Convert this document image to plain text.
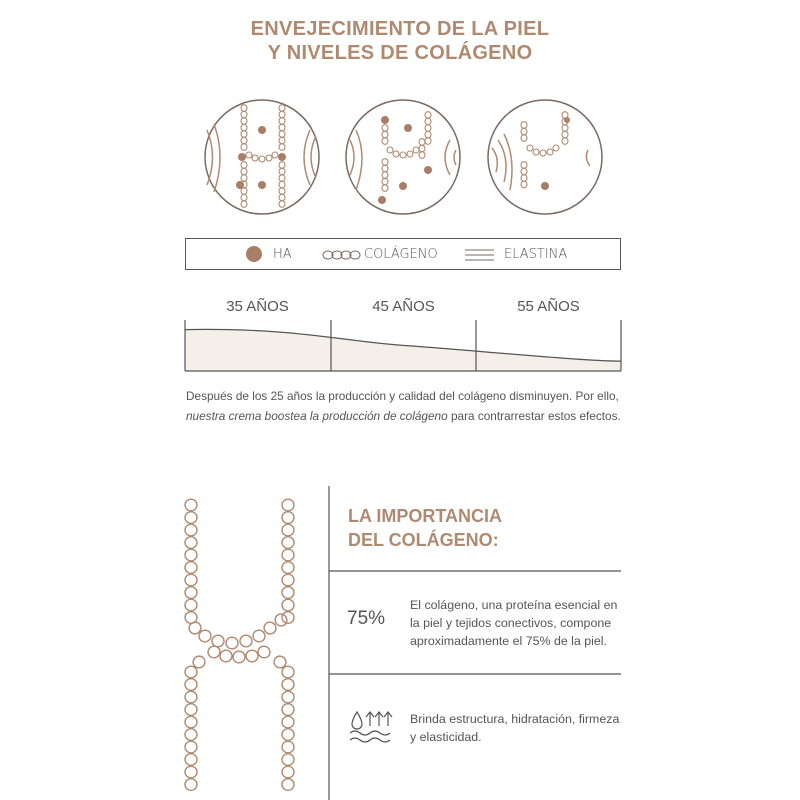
ENVEJECIMIENTO DE LA PIEL
Y NIVELES DE COLÁGENO
HA	COLÁGENO	ELASTINA
35 AÑOS	45 AÑOS	55 AÑOS
Después de los 25 años la producción y calidad del colágeno disminuyen. Por ello,
nuestra crema boostea la producción de colágeno para contrarrestar estos efectos.
LA IMPORTANCIA
DEL COLÁGENO:
75%
El colágeno, una proteína esencial en la piel y tejidos conectivos, compone aproximadamente el 75% de la piel.
Brinda estructura, hidratación, firmeza y elasticidad.
